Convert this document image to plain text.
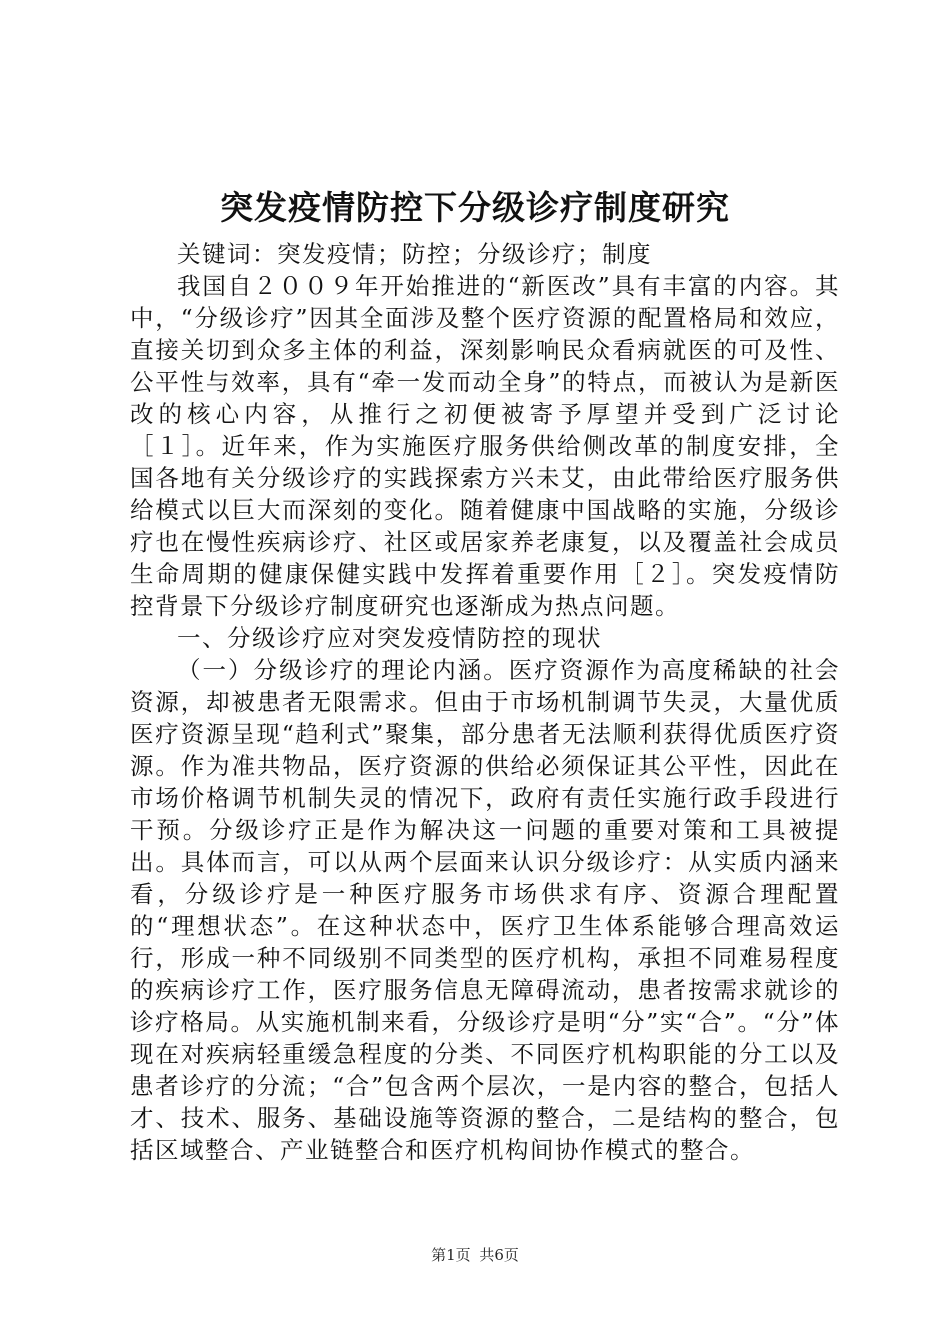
突发疫情防控下分级诊疗制度研究

关键词：突发疫情；防控；分级诊疗；制度

我国自２００９年开始推进的“新医改”具有丰富的内容。其中，“分级诊疗”因其全面涉及整个医疗资源的配置格局和效应，直接关切到众多主体的利益，深刻影响民众看病就医的可及性、公平性与效率，具有“牵一发而动全身”的特点，而被认为是新医改的核心内容，从推行之初便被寄予厚望并受到广泛讨论［１］。近年来，作为实施医疗服务供给侧改革的制度安排，全国各地有关分级诊疗的实践探索方兴未艾，由此带给医疗服务供给模式以巨大而深刻的变化。随着健康中国战略的实施，分级诊疗也在慢性疾病诊疗、社区或居家养老康复，以及覆盖社会成员生命周期的健康保健实践中发挥着重要作用［２］。突发疫情防控背景下分级诊疗制度研究也逐渐成为热点问题。

一、分级诊疗应对突发疫情防控的现状

（一）分级诊疗的理论内涵。医疗资源作为高度稀缺的社会资源，却被患者无限需求。但由于市场机制调节失灵，大量优质医疗资源呈现“趋利式”聚集，部分患者无法顺利获得优质医疗资源。作为准共物品，医疗资源的供给必须保证其公平性，因此在市场价格调节机制失灵的情况下，政府有责任实施行政手段进行干预。分级诊疗正是作为解决这一问题的重要对策和工具被提出。具体而言，可以从两个层面来认识分级诊疗：从实质内涵来看，分级诊疗是一种医疗服务市场供求有序、资源合理配置的“理想状态”。在这种状态中，医疗卫生体系能够合理高效运行，形成一种不同级别不同类型的医疗机构，承担不同难易程度的疾病诊疗工作，医疗服务信息无障碍流动，患者按需求就诊的诊疗格局。从实施机制来看，分级诊疗是明“分”实“合”。“分”体现在对疾病轻重缓急程度的分类、不同医疗机构职能的分工以及患者诊疗的分流；“合”包含两个层次，一是内容的整合，包括人才、技术、服务、基础设施等资源的整合，二是结构的整合，包括区域整合、产业链整合和医疗机构间协作模式的整合。

第1页 共6页
